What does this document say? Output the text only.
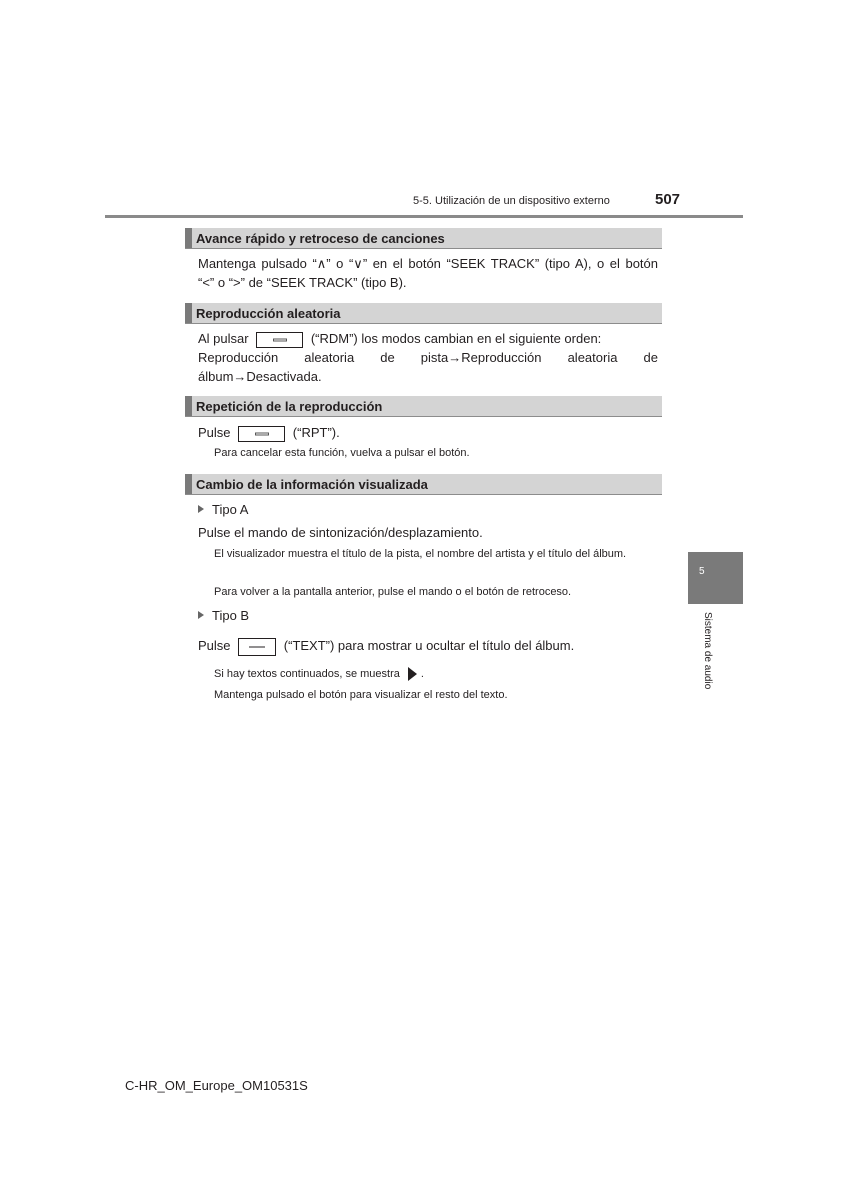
5-5. Utilización de un dispositivo externo	507
Avance rápido y retroceso de canciones
Mantenga pulsado “∧” o “∨” en el botón “SEEK TRACK” (tipo A), o el botón
“<” o “>” de “SEEK TRACK” (tipo B).
Reproducción aleatoria
Al pulsar	(“RDM”) los modos cambian en el siguiente orden:
Reproducción aleatoria de pista→Reproducción aleatoria de
álbum→Desactivada.
Repetición de la reproducción
Pulse	(“RPT”).
Para cancelar esta función, vuelva a pulsar el botón.
Cambio de la información visualizada
Tipo A
Pulse el mando de sintonización/desplazamiento.
El visualizador muestra el título de la pista, el nombre del artista y el título del álbum.
Para volver a la pantalla anterior, pulse el mando o el botón de retroceso.
Tipo B
Pulse	(“TEXT”) para mostrar u ocultar el título del álbum.
Si hay textos continuados, se muestra .
Mantenga pulsado el botón para visualizar el resto del texto.
5
Sistema de audio
C-HR_OM_Europe_OM10531S
